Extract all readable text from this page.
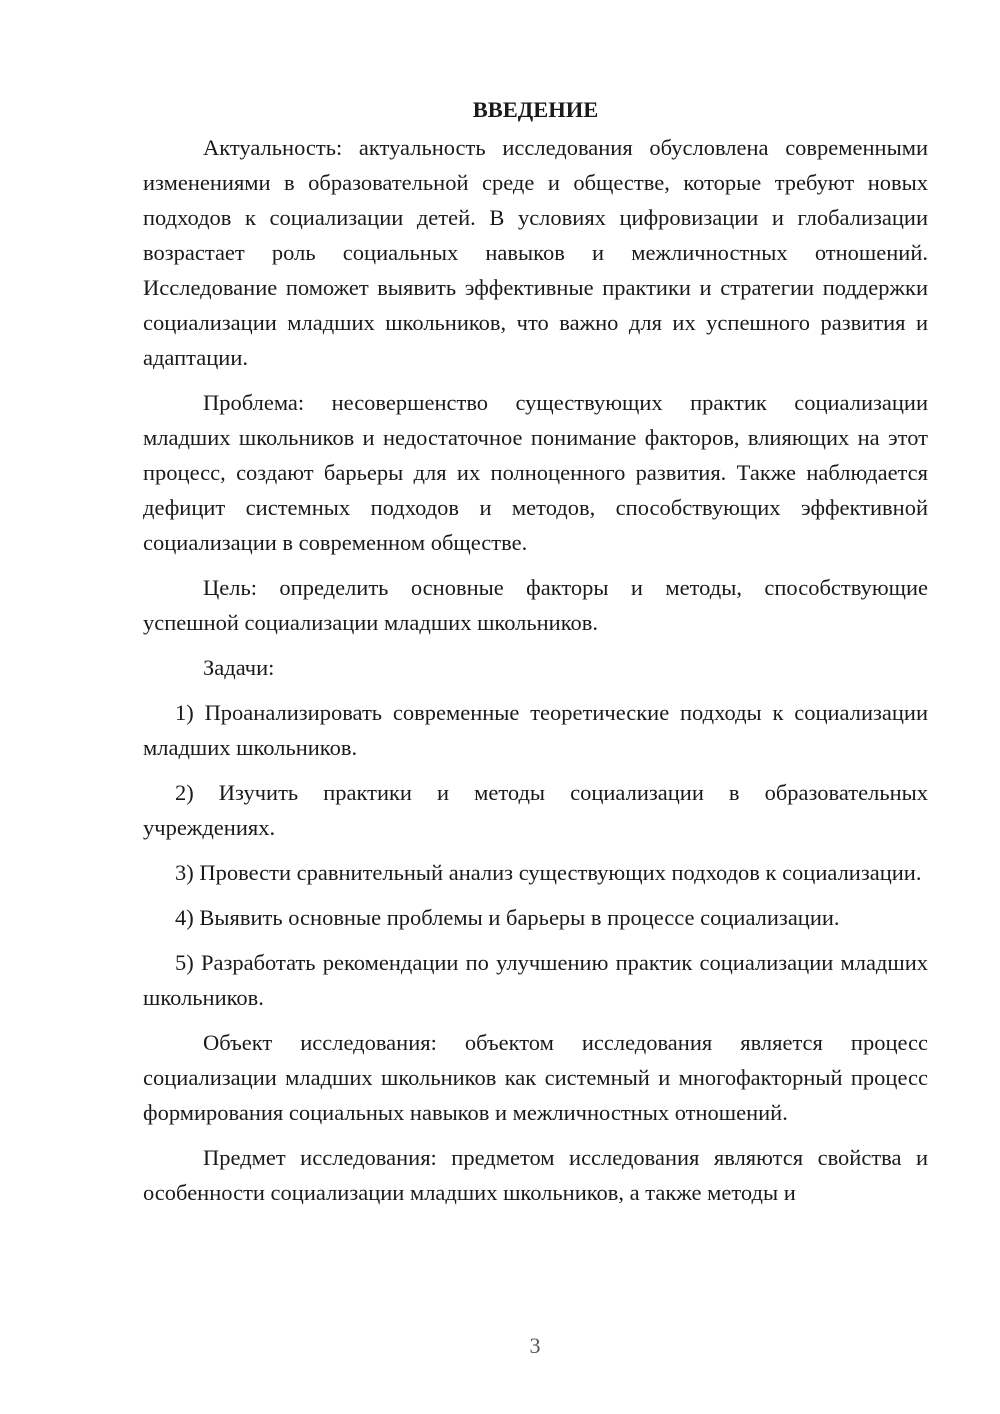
ВВЕДЕНИЕ

Актуальность: актуальность исследования обусловлена современными изменениями в образовательной среде и обществе, которые требуют новых подходов к социализации детей. В условиях цифровизации и глобализации возрастает роль социальных навыков и межличностных отношений. Исследование поможет выявить эффективные практики и стратегии поддержки социализации младших школьников, что важно для их успешного развития и адаптации.

Проблема: несовершенство существующих практик социализации младших школьников и недостаточное понимание факторов, влияющих на этот процесс, создают барьеры для их полноценного развития. Также наблюдается дефицит системных подходов и методов, способствующих эффективной социализации в современном обществе.

Цель: определить основные факторы и методы, способствующие успешной социализации младших школьников.

Задачи:

1) Проанализировать современные теоретические подходы к социализации младших школьников.

2) Изучить практики и методы социализации в образовательных учреждениях.

3) Провести сравнительный анализ существующих подходов к социализации.

4) Выявить основные проблемы и барьеры в процессе социализации.

5) Разработать рекомендации по улучшению практик социализации младших школьников.

Объект исследования: объектом исследования является процесс социализации младших школьников как системный и многофакторный процесс формирования социальных навыков и межличностных отношений.

Предмет исследования: предметом исследования являются свойства и особенности социализации младших школьников, а также методы и

3
